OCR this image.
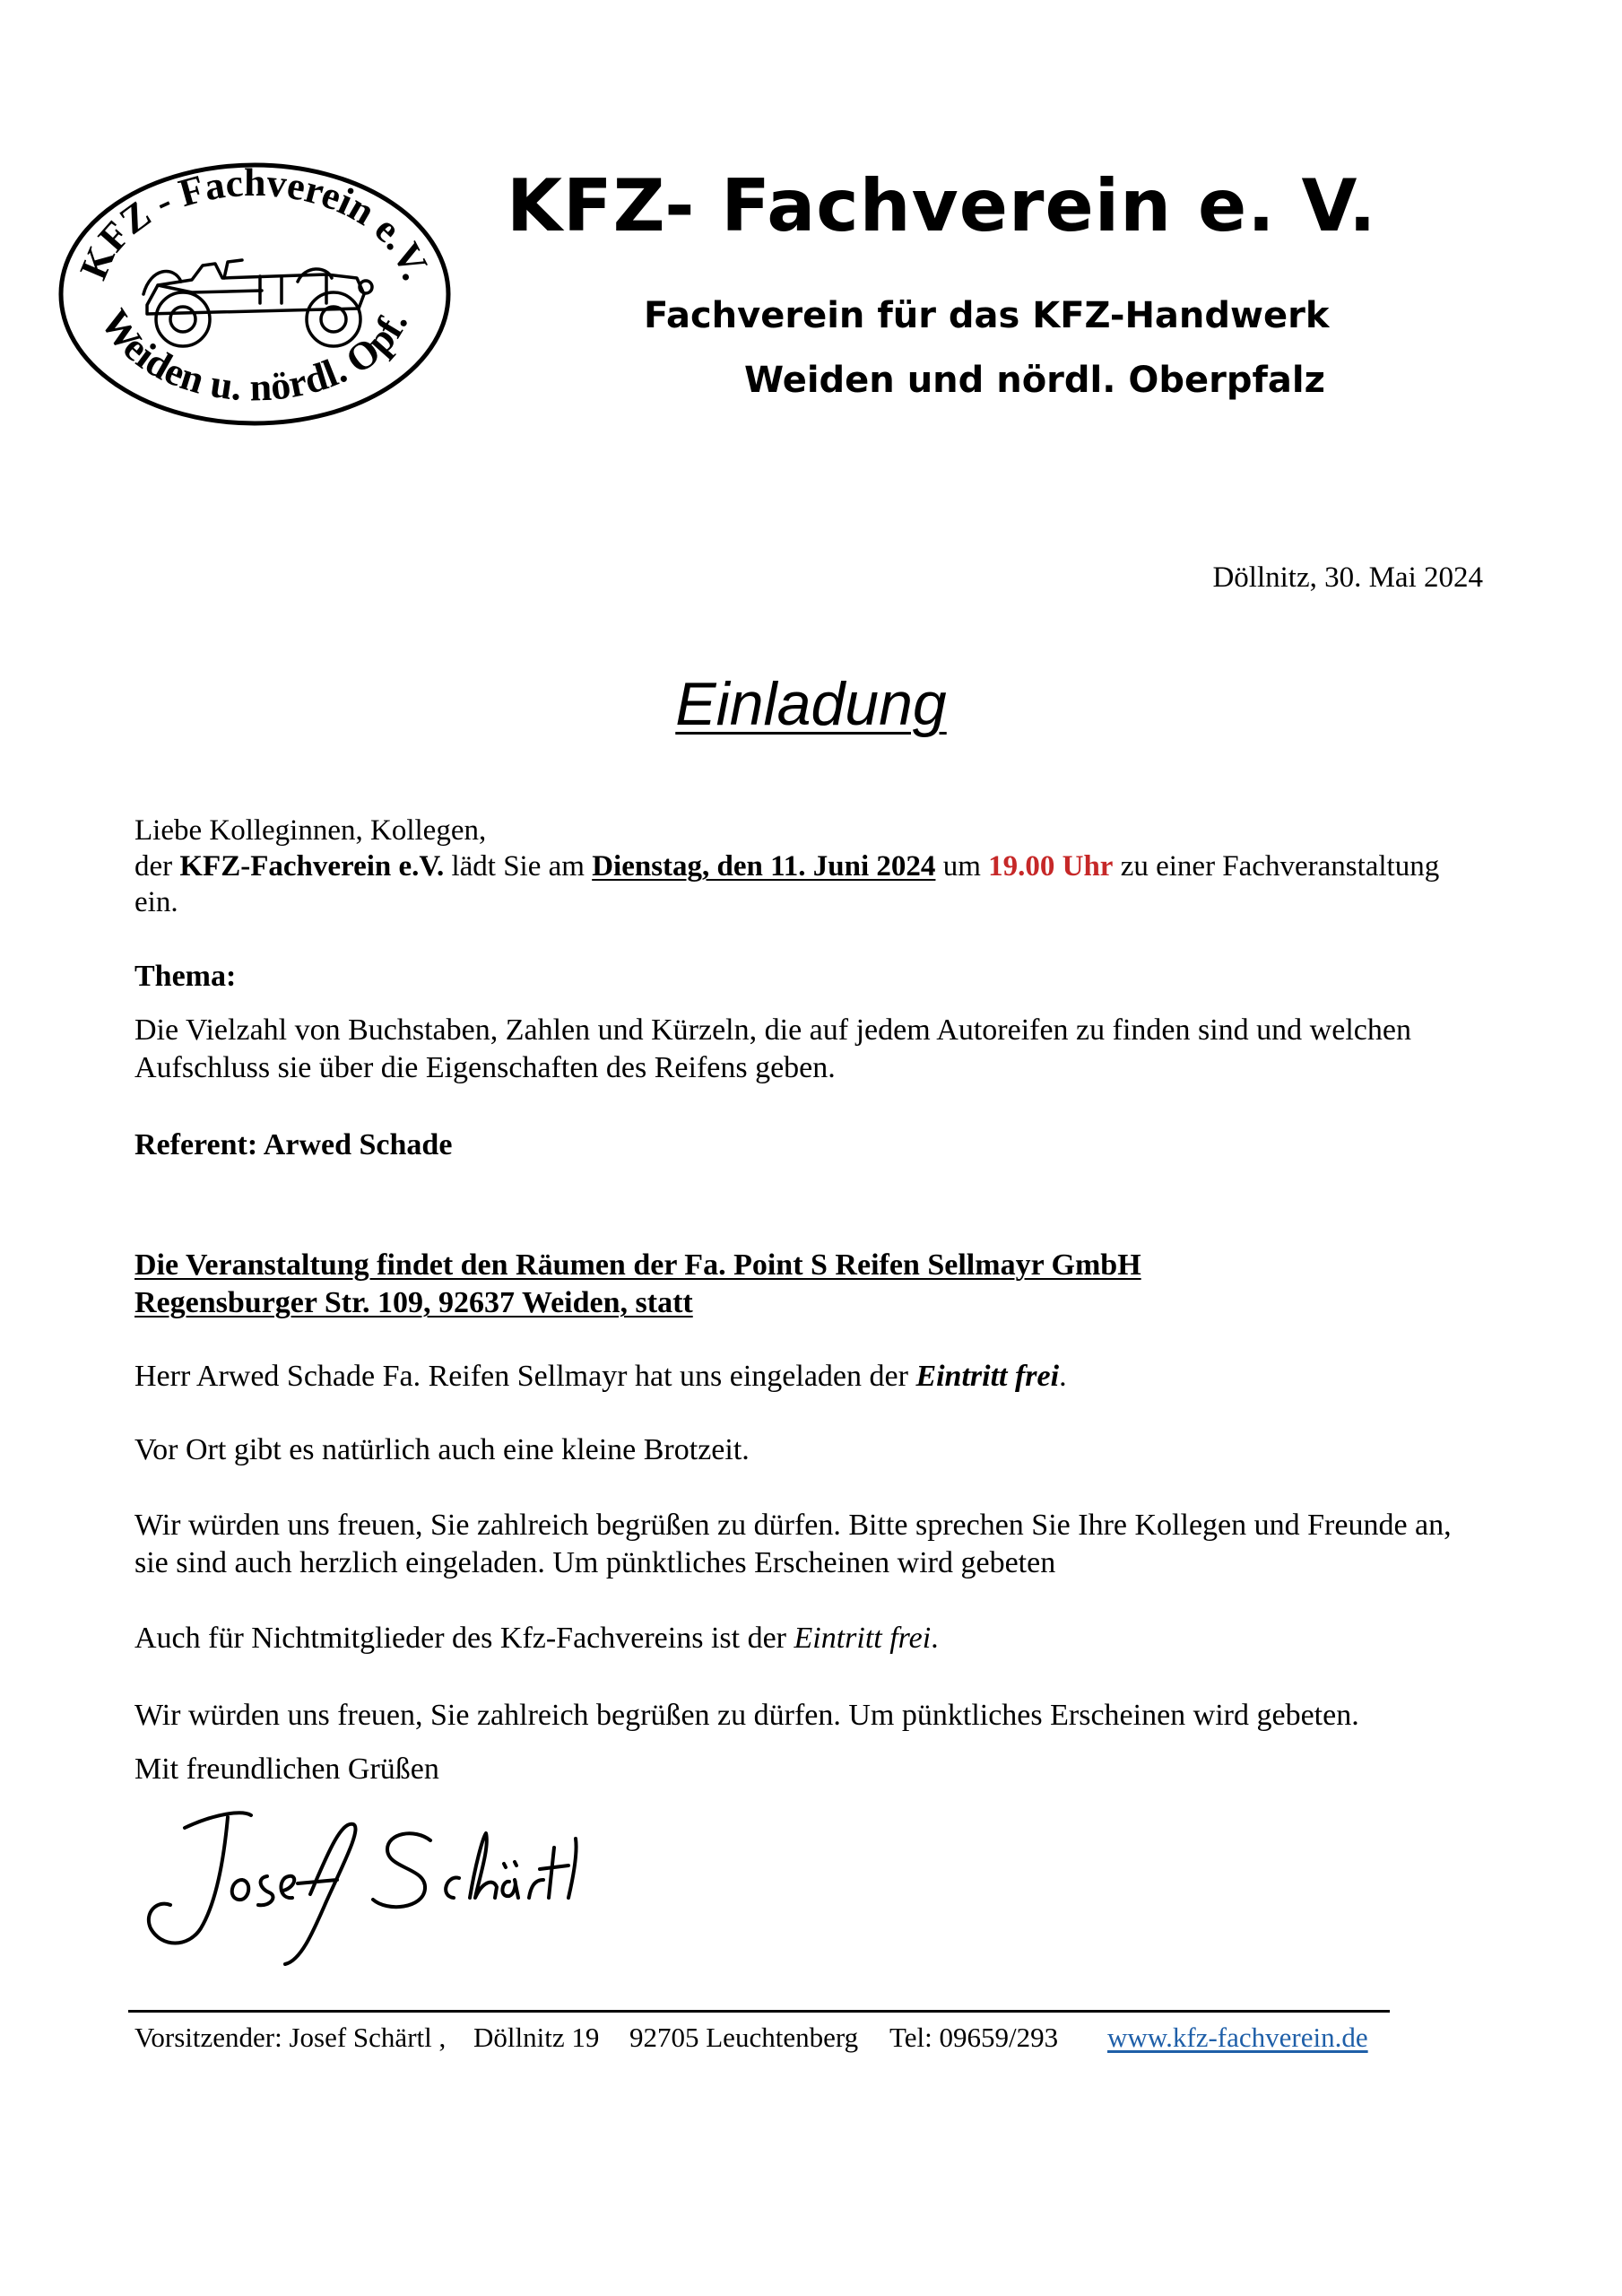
KFZ - Fachverein e.V.
Weiden u. nördl. Opf.
KFZ- Fachverein e. V.
Fachverein für das KFZ-Handwerk
Weiden und nördl. Oberpfalz
Döllnitz, 30. Mai 2024
Einladung
Liebe Kolleginnen, Kollegen,
der KFZ-Fachverein e.V. lädt Sie am Dienstag, den 11. Juni 2024 um 19.00 Uhr zu einer Fachveranstaltung ein.
Thema:
Die Vielzahl von Buchstaben, Zahlen und Kürzeln, die auf jedem Autoreifen zu finden sind und welchen Aufschluss sie über die Eigenschaften des Reifens geben.
Referent: Arwed Schade
Die Veranstaltung findet den Räumen der Fa. Point S Reifen Sellmayr GmbH
Regensburger Str. 109, 92637 Weiden, statt
Herr Arwed Schade Fa. Reifen Sellmayr hat uns eingeladen der Eintritt frei.
Vor Ort gibt es natürlich auch eine kleine Brotzeit.
Wir würden uns freuen, Sie zahlreich begrüßen zu dürfen. Bitte sprechen Sie Ihre Kollegen und Freunde an, sie sind auch herzlich eingeladen. Um pünktliches Erscheinen wird gebeten
Auch für Nichtmitglieder des Kfz-Fachvereins ist der Eintritt frei.
Wir würden uns freuen, Sie zahlreich begrüßen zu dürfen. Um pünktliches Erscheinen wird gebeten.
Mit freundlichen Grüßen
Vorsitzender: Josef Schärtl , Döllnitz 19 92705 Leuchtenberg Tel: 09659/293 www.kfz-fachverein.de
